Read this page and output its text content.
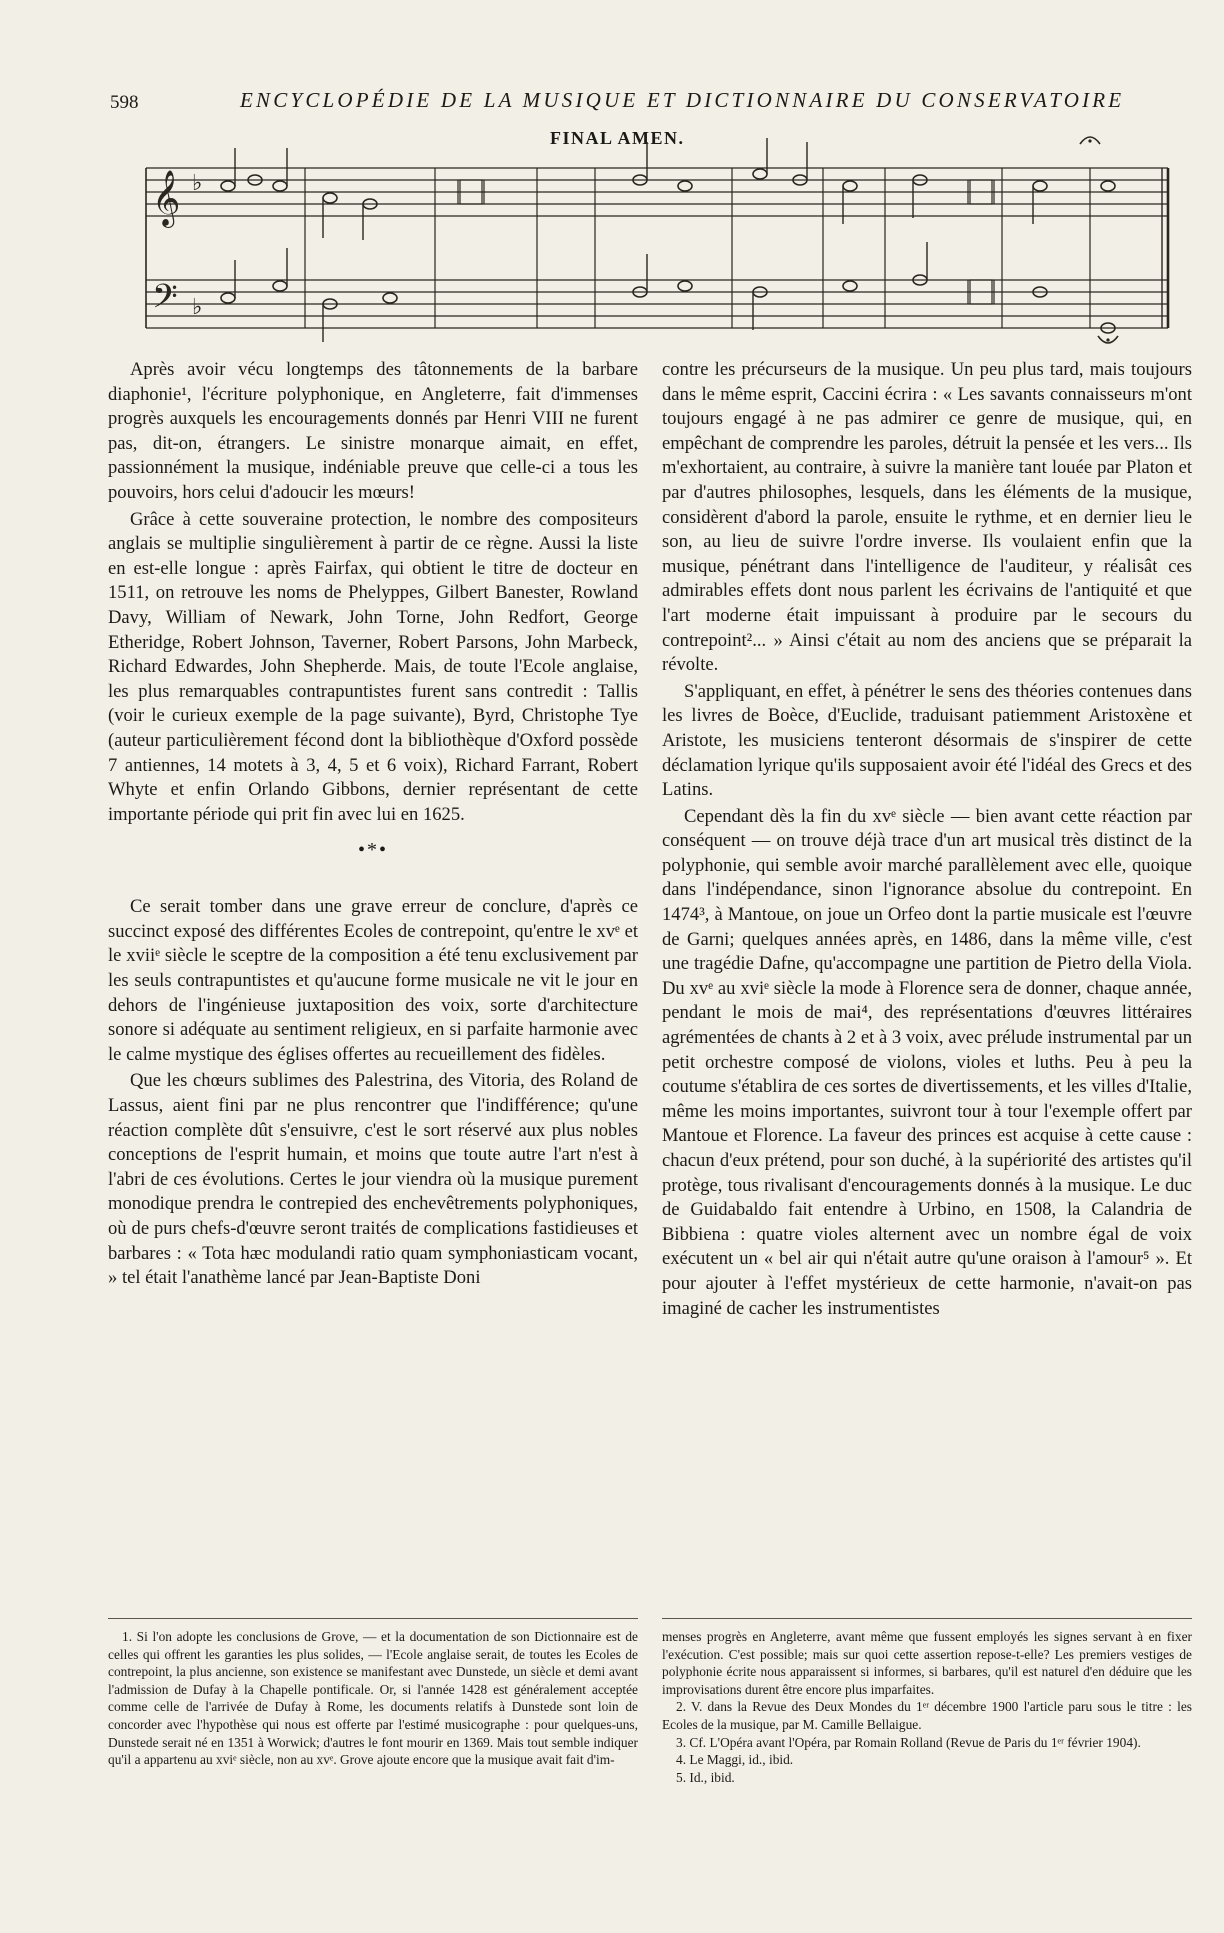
598	ENCYCLOPÉDIE DE LA MUSIQUE ET DICTIONNAIRE DU CONSERVATOIRE
FINAL AMEN.
𝄞
𝄢
♭
♭

Après avoir vécu longtemps des tâtonnements de la barbare diaphonie¹, l'écriture polyphonique, en Angleterre, fait d'immenses progrès auxquels les encouragements donnés par Henri VIII ne furent pas, dit-on, étrangers. Le sinistre monarque aimait, en effet, passionnément la musique, indéniable preuve que celle-ci a tous les pouvoirs, hors celui d'adoucir les mœurs!

Grâce à cette souveraine protection, le nombre des compositeurs anglais se multiplie singulièrement à partir de ce règne. Aussi la liste en est-elle longue : après Fairfax, qui obtient le titre de docteur en 1511, on retrouve les noms de Phelyppes, Gilbert Banester, Rowland Davy, William of Newark, John Torne, John Redfort, George Etheridge, Robert Johnson, Taverner, Robert Parsons, John Marbeck, Richard Edwardes, John Shepherde. Mais, de toute l'Ecole anglaise, les plus remarquables contrapuntistes furent sans contredit : Tallis (voir le curieux exemple de la page suivante), Byrd, Christophe Tye (auteur particulièrement fécond dont la bibliothèque d'Oxford possède 7 antiennes, 14 motets à 3, 4, 5 et 6 voix), Richard Farrant, Robert Whyte et enfin Orlando Gibbons, dernier représentant de cette importante période qui prit fin avec lui en 1625.

•*•

Ce serait tomber dans une grave erreur de conclure, d'après ce succinct exposé des différentes Ecoles de contrepoint, qu'entre le xvᵉ et le xviiᵉ siècle le sceptre de la composition a été tenu exclusivement par les seuls contrapuntistes et qu'aucune forme musicale ne vit le jour en dehors de l'ingénieuse juxtaposition des voix, sorte d'architecture sonore si adéquate au sentiment religieux, en si parfaite harmonie avec le calme mystique des églises offertes au recueillement des fidèles.

Que les chœurs sublimes des Palestrina, des Vitoria, des Roland de Lassus, aient fini par ne plus rencontrer que l'indifférence; qu'une réaction complète dût s'ensuivre, c'est le sort réservé aux plus nobles conceptions de l'esprit humain, et moins que toute autre l'art n'est à l'abri de ces évolutions. Certes le jour viendra où la musique purement monodique prendra le contrepied des enchevêtrements polyphoniques, où de purs chefs-d'œuvre seront traités de complications fastidieuses et barbares : « Tota hæc modulandi ratio quam symphoniasticam vocant, » tel était l'anathème lancé par Jean-Baptiste Doni

contre les précurseurs de la musique. Un peu plus tard, mais toujours dans le même esprit, Caccini écrira : « Les savants connaisseurs m'ont toujours engagé à ne pas admirer ce genre de musique, qui, en empêchant de comprendre les paroles, détruit la pensée et les vers... Ils m'exhortaient, au contraire, à suivre la manière tant louée par Platon et par d'autres philosophes, lesquels, dans les éléments de la musique, considèrent d'abord la parole, ensuite le rythme, et en dernier lieu le son, au lieu de suivre l'ordre inverse. Ils voulaient enfin que la musique, pénétrant dans l'intelligence de l'auditeur, y réalisât ces admirables effets dont nous parlent les écrivains de l'antiquité et que l'art moderne était impuissant à produire par le secours du contrepoint²... » Ainsi c'était au nom des anciens que se préparait la révolte.

S'appliquant, en effet, à pénétrer le sens des théories contenues dans les livres de Boèce, d'Euclide, traduisant patiemment Aristoxène et Aristote, les musiciens tenteront désormais de s'inspirer de cette déclamation lyrique qu'ils supposaient avoir été l'idéal des Grecs et des Latins.

Cependant dès la fin du xvᵉ siècle — bien avant cette réaction par conséquent — on trouve déjà trace d'un art musical très distinct de la polyphonie, qui semble avoir marché parallèlement avec elle, quoique dans l'indépendance, sinon l'ignorance absolue du contrepoint. En 1474³, à Mantoue, on joue un Orfeo dont la partie musicale est l'œuvre de Garni; quelques années après, en 1486, dans la même ville, c'est une tragédie Dafne, qu'accompagne une partition de Pietro della Viola. Du xvᵉ au xviᵉ siècle la mode à Florence sera de donner, chaque année, pendant le mois de mai⁴, des représentations d'œuvres littéraires agrémentées de chants à 2 et à 3 voix, avec prélude instrumental par un petit orchestre composé de violons, violes et luths. Peu à peu la coutume s'établira de ces sortes de divertissements, et les villes d'Italie, même les moins importantes, suivront tour à tour l'exemple offert par Mantoue et Florence. La faveur des princes est acquise à cette cause : chacun d'eux prétend, pour son duché, à la supériorité des artistes qu'il protège, tous rivalisant d'encouragements donnés à la musique. Le duc de Guidabaldo fait entendre à Urbino, en 1508, la Calandria de Bibbiena : quatre violes alternent avec un nombre égal de voix exécutent un « bel air qui n'était autre qu'une oraison à l'amour⁵ ». Et pour ajouter à l'effet mystérieux de cette harmonie, n'avait-on pas imaginé de cacher les instrumentistes

1. Si l'on adopte les conclusions de Grove, — et la documentation de son Dictionnaire est de celles qui offrent les garanties les plus solides, — l'Ecole anglaise serait, de toutes les Ecoles de contrepoint, la plus ancienne, son existence se manifestant avec Dunstede, un siècle et demi avant l'admission de Dufay à la Chapelle pontificale. Or, si l'année 1428 est généralement acceptée comme celle de l'arrivée de Dufay à Rome, les documents relatifs à Dunstede sont loin de concorder avec l'hypothèse qui nous est offerte par l'estimé musicographe : pour quelques-uns, Dunstede serait né en 1351 à Worwick; d'autres le font mourir en 1369. Mais tout semble indiquer qu'il a appartenu au xviᵉ siècle, non au xvᵉ. Grove ajoute encore que la musique avait fait d'im-

menses progrès en Angleterre, avant même que fussent employés les signes servant à en fixer l'exécution. C'est possible; mais sur quoi cette assertion repose-t-elle? Les premiers vestiges de polyphonie écrite nous apparaissent si informes, si barbares, qu'il est naturel d'en déduire que les improvisations durent être encore plus imparfaites.

2. V. dans la Revue des Deux Mondes du 1ᵉʳ décembre 1900 l'article paru sous le titre : les Ecoles de la musique, par M. Camille Bellaigue.

3. Cf. L'Opéra avant l'Opéra, par Romain Rolland (Revue de Paris du 1ᵉʳ février 1904).

4. Le Maggi, id., ibid.

5. Id., ibid.
